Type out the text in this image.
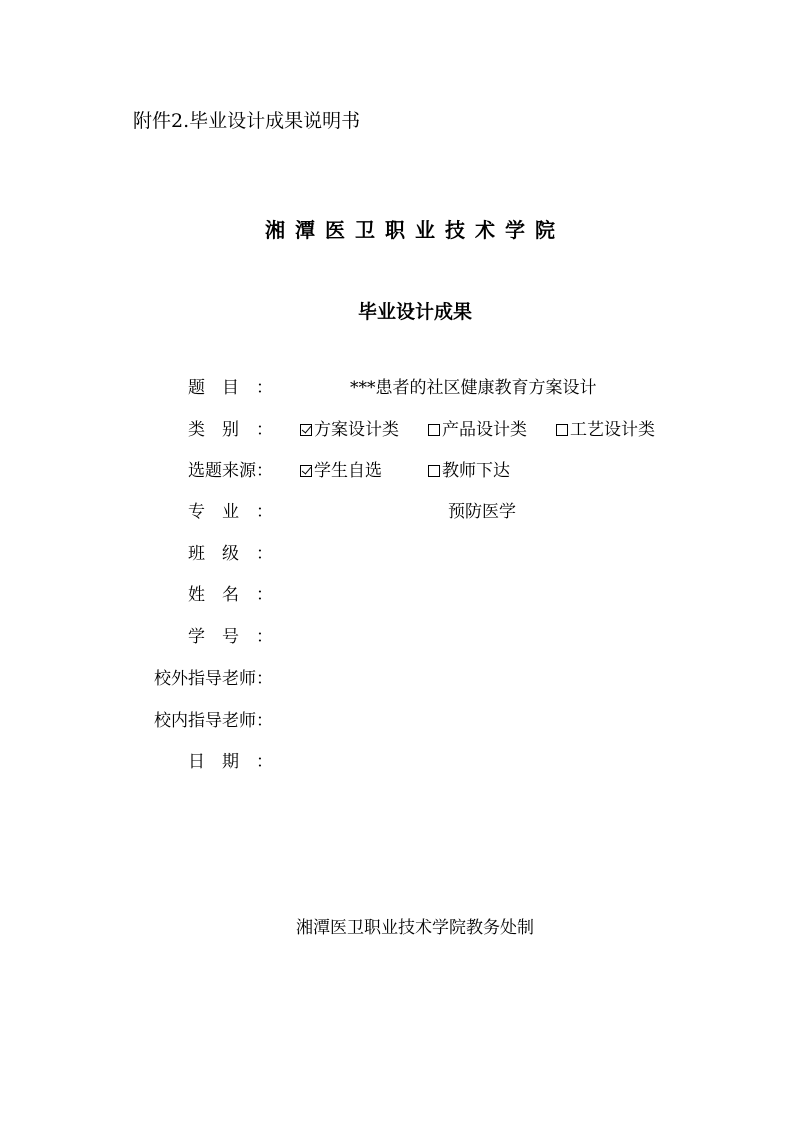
附件2.毕业设计成果说明书
湘潭医卫职业技术学院
毕业设计成果
题目：	***患者的社区健康教育方案设计
类别：	方案设计类	产品设计类	工艺设计类
选题来源：	学生自选	教师下达
专业：	预防医学
班级：
姓名：
学号：
校外指导老师：
校内指导老师：
日期：
湘潭医卫职业技术学院教务处制
